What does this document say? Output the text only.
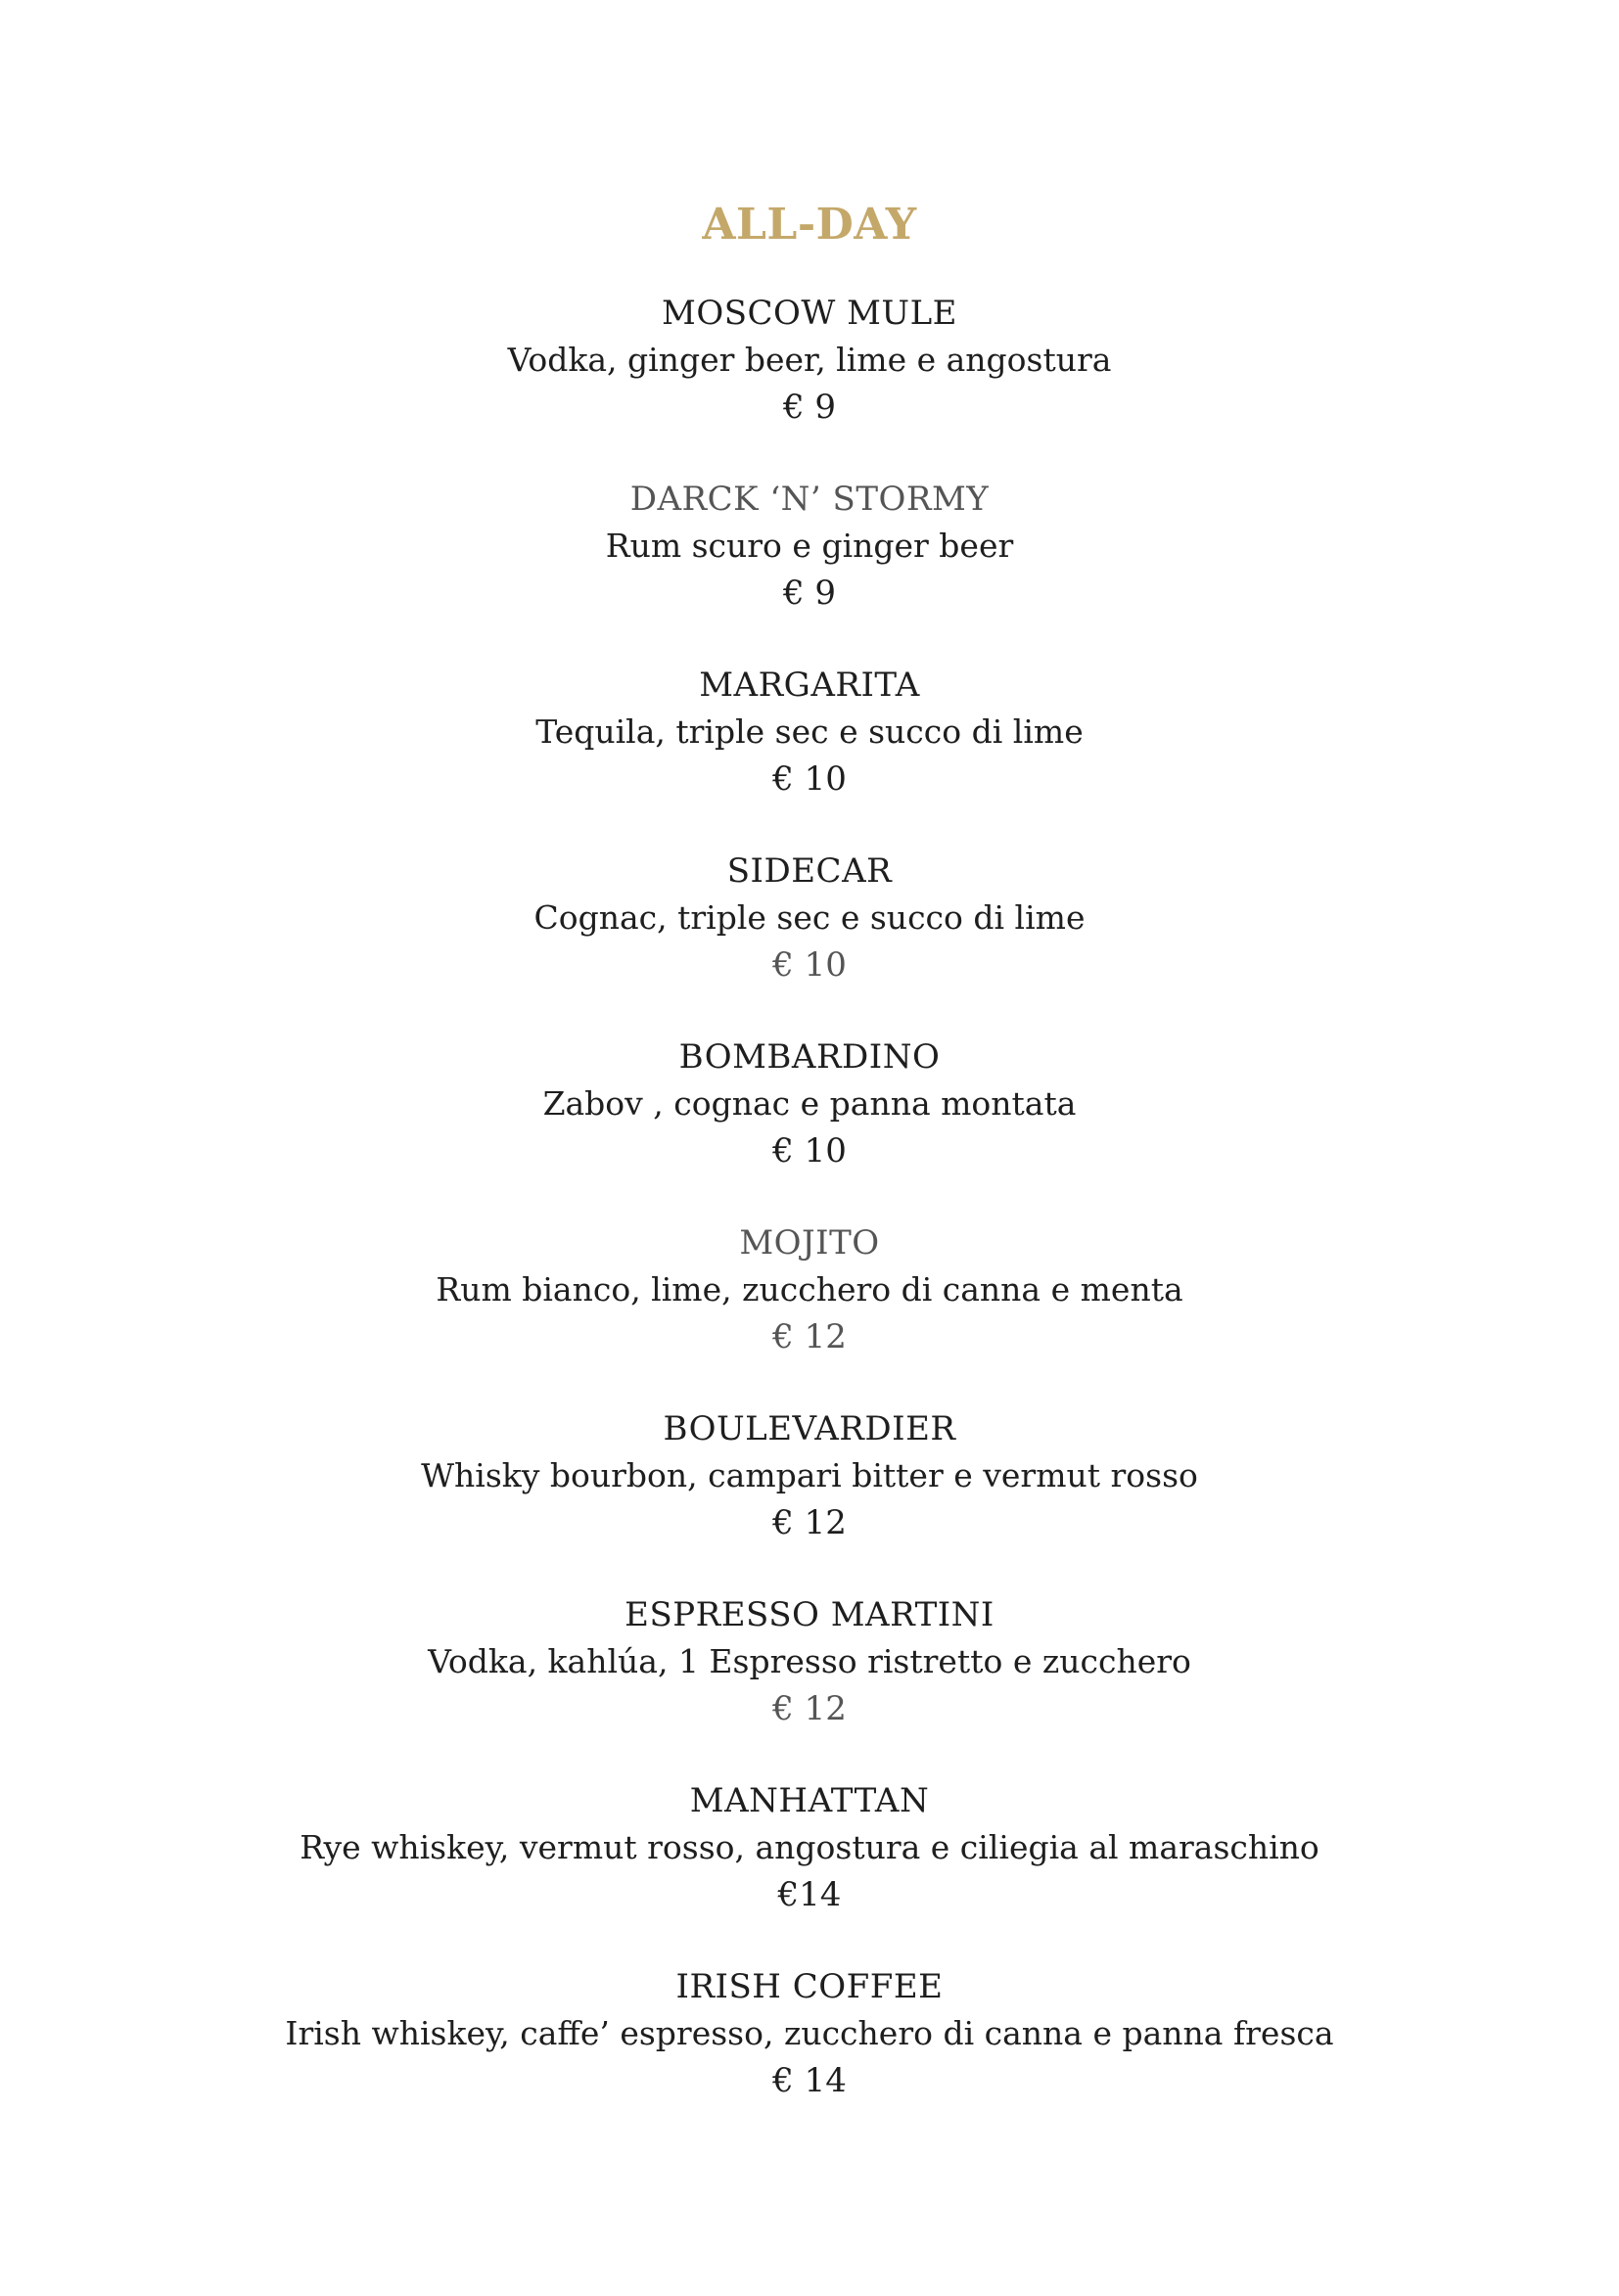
ALL-DAY
MOSCOW MULE
Vodka, ginger beer, lime e angostura
€ 9
DARCK ‘N’ STORMY
Rum scuro e ginger beer
€ 9
MARGARITA
Tequila, triple sec e succo di lime
€ 10
SIDECAR
Cognac, triple sec e succo di lime
€ 10
BOMBARDINO
Zabov , cognac e panna montata
€ 10
MOJITO
Rum bianco, lime, zucchero di canna e menta
€ 12
BOULEVARDIER
Whisky bourbon, campari bitter e vermut rosso
€ 12
ESPRESSO MARTINI
Vodka, kahlúa, 1 Espresso ristretto e zucchero
€ 12
MANHATTAN
Rye whiskey, vermut rosso, angostura e ciliegia al maraschino
€14
IRISH COFFEE
Irish whiskey, caffe’ espresso, zucchero di canna e panna fresca
€ 14
